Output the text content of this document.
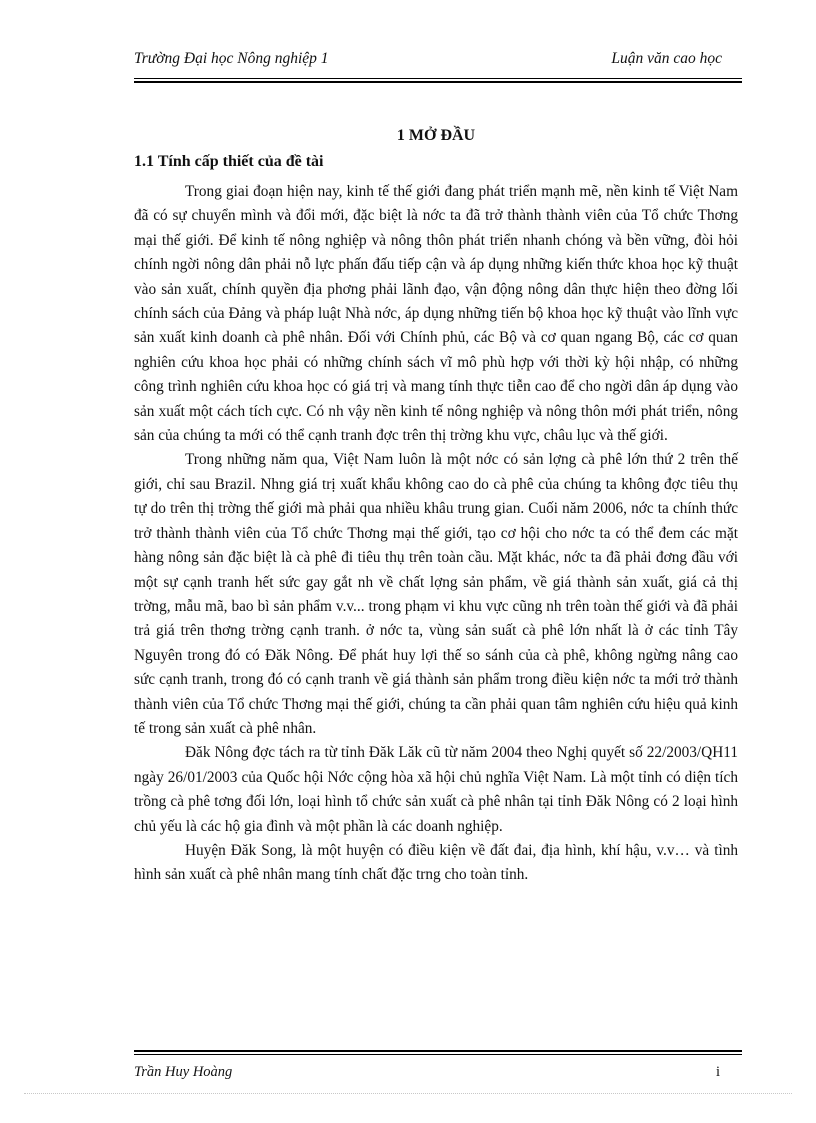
Trường Đại học Nông nghiệp 1	Luận văn cao học
1 MỞ ĐẦU
1.1 Tính cấp thiết của đề tài

Trong giai đoạn hiện nay, kinh tế thế giới đang phát triển mạnh mẽ, nền kinh tế Việt Nam đã có sự chuyển mình và đổi mới, đặc biệt là nớc ta đã trở thành thành viên của Tổ chức Thơng mại thế giới. Để kinh tế nông nghiệp và nông thôn phát triển nhanh chóng và bền vững, đòi hỏi chính ngời nông dân phải nỗ lực phấn đấu tiếp cận và áp dụng những kiến thức khoa học kỹ thuật vào sản xuất, chính quyền địa phơng phải lãnh đạo, vận động nông dân thực hiện theo đờng lối chính sách của Đảng và pháp luật Nhà nớc, áp dụng những tiến bộ khoa học kỹ thuật vào lĩnh vực sản xuất kinh doanh cà phê nhân. Đối với Chính phủ, các Bộ và cơ quan ngang Bộ, các cơ quan nghiên cứu khoa học phải có những chính sách vĩ mô phù hợp với thời kỳ hội nhập, có những công trình nghiên cứu khoa học có giá trị và mang tính thực tiễn cao để cho ngời dân áp dụng vào sản xuất một cách tích cực. Có nh vậy nền kinh tế nông nghiệp và nông thôn mới phát triển, nông sản của chúng ta mới có thể cạnh tranh đợc trên thị trờng khu vực, châu lục và thế giới.

Trong những năm qua, Việt Nam luôn là một nớc có sản lợng cà phê lớn thứ 2 trên thế giới, chỉ sau Brazil. Nhng giá trị xuất khẩu không cao do cà phê của chúng ta không đợc tiêu thụ tự do trên thị trờng thế giới mà phải qua nhiều khâu trung gian. Cuối năm 2006, nớc ta chính thức trở thành thành viên của Tổ chức Thơng mại thế giới, tạo cơ hội cho nớc ta có thể đem các mặt hàng nông sản đặc biệt là cà phê đi tiêu thụ trên toàn cầu. Mặt khác, nớc ta đã phải đơng đầu với một sự cạnh tranh hết sức gay gắt nh về chất lợng sản phẩm, về giá thành sản xuất, giá cả thị trờng, mẫu mã, bao bì sản phẩm v.v... trong phạm vi khu vực cũng nh trên toàn thế giới và đã phải trả giá trên thơng trờng cạnh tranh. ở nớc ta, vùng sản suất cà phê lớn nhất là ở các tỉnh Tây Nguyên trong đó có Đăk Nông. Để phát huy lợi thế so sánh của cà phê, không ngừng nâng cao sức cạnh tranh, trong đó có cạnh tranh về giá thành sản phẩm trong điều kiện nớc ta mới trở thành thành viên của Tổ chức Thơng mại thế giới, chúng ta cần phải quan tâm nghiên cứu hiệu quả kinh tế trong sản xuất cà phê nhân.

Đăk Nông đợc tách ra từ tỉnh Đăk Lăk cũ từ năm 2004 theo Nghị quyết số 22/2003/QH11 ngày 26/01/2003 của Quốc hội Nớc cộng hòa xã hội chủ nghĩa Việt Nam. Là một tỉnh có diện tích trồng cà phê tơng đối lớn, loại hình tổ chức sản xuất cà phê nhân tại tỉnh Đăk Nông có 2 loại hình chủ yếu là các hộ gia đình và một phần là các doanh nghiệp.

Huyện Đăk Song, là một huyện có điều kiện về đất đai, địa hình, khí hậu, v.v… và tình hình sản xuất cà phê nhân mang tính chất đặc trng cho toàn tỉnh.

Trần Huy Hoàng	i
